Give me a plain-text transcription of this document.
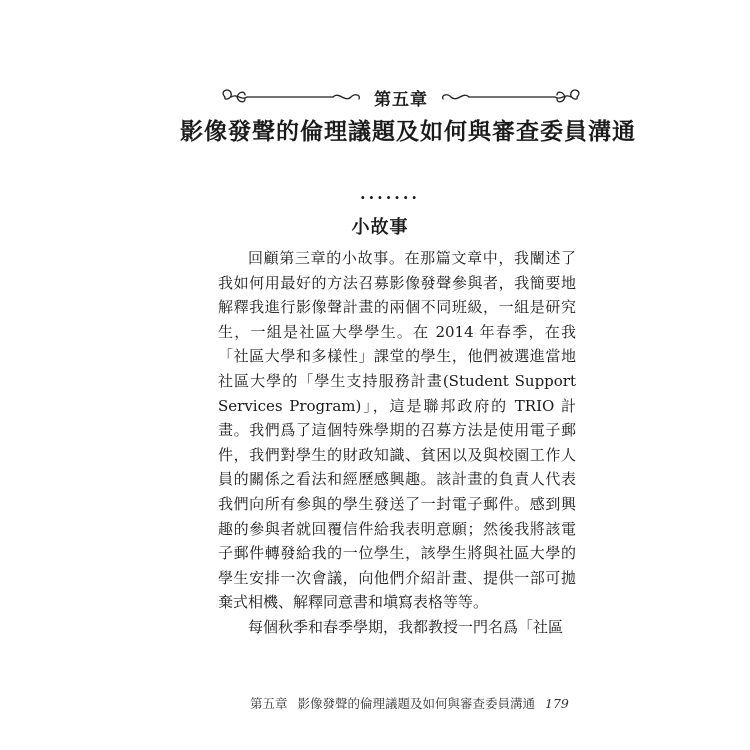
第五章
影像發聲的倫理議題及如何與審查委員溝通
·······
小故事

回顧第三章的小故事。在那篇文章中，我闡述了我如何用最好的方法召募影像發聲參與者，我簡要地解釋我進行影像聲計畫的兩個不同班級，一組是研究生，一組是社區大學學生。在 2014 年春季，在我「社區大學和多樣性」課堂的學生，他們被選進當地社區大學的「學生支持服務計畫(Student Support Services Program)」，這是聯邦政府的 TRIO 計畫。我們爲了這個特殊學期的召募方法是使用電子郵件，我們對學生的財政知識、貧困以及與校園工作人員的關係之看法和經歷感興趣。該計畫的負責人代表我們向所有參與的學生發送了一封電子郵件。感到興趣的參與者就回覆信件給我表明意願；然後我將該電子郵件轉發給我的一位學生，該學生將與社區大學的學生安排一次會議，向他們介紹計畫、提供一部可拋棄式相機、解釋同意書和塡寫表格等等。

每個秋季和春季學期，我都教授一門名爲「社區

第五章 影像發聲的倫理議題及如何與審查委員溝通 179
